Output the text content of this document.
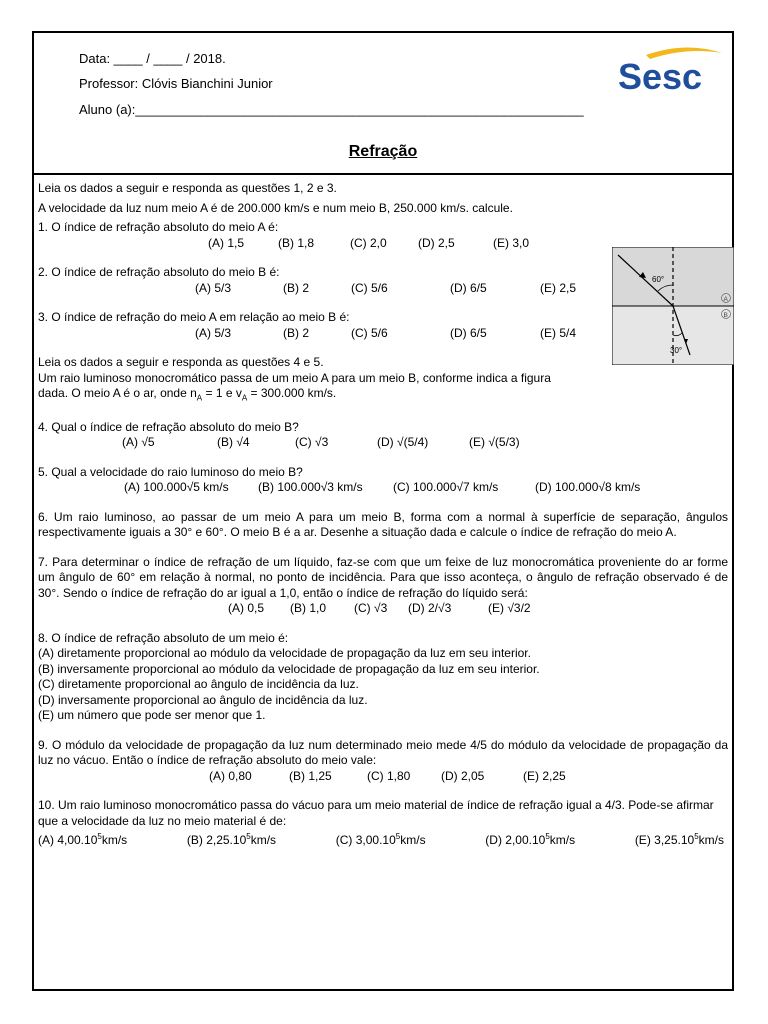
Data: ____ / ____ / 2018.
Professor: Clóvis Bianchini Junior
Aluno (a):______________________________________________________________
Sesc
Refração

Leia os dados a seguir e responda as questões 1, 2 e 3.

A velocidade da luz num meio A é de 200.000 km/s e num meio B, 250.000 km/s. calcule.

1. O índice de refração absoluto do meio A é:

(A) 1,5	(B) 1,8	(C) 2,0	(D) 2,5	(E) 3,0

2. O índice de refração absoluto do meio B é:

(A) 5/3	(B) 2	(C) 5/6	(D) 6/5	(E) 2,5

3. O índice de refração do meio A em relação ao meio B é:

(A) 5/3	(B) 2	(C) 5/6	(D) 6/5	(E) 5/4

Leia os dados a seguir e responda as questões 4 e 5.

Um raio luminoso monocromático passa de um meio A para um meio B, conforme indica a figura

dada. O meio A é o ar, onde $n_A = 1$ e $v_A = 300.000$ km/s.

4. Qual o índice de refração absoluto do meio B?

(A) √5	(B) √4	(C) √3	(D) √(5/4)	(E) √(5/3)

5. Qual a velocidade do raio luminoso do meio B?

(A) 100.000√5 km/s	(B) 100.000√3 km/s	(C) 100.000√7 km/s	(D) 100.000√8 km/s

6. Um raio luminoso, ao passar de um meio A para um meio B, forma com a normal à superfície de separação, ângulos respectivamente iguais a 30° e 60°. O meio B é a ar. Desenhe a situação dada e calcule o índice de refração do meio A.

7. Para determinar o índice de refração de um líquido, faz-se com que um feixe de luz monocromática proveniente do ar forme um ângulo de 60° em relação à normal, no ponto de incidência. Para que isso aconteça, o ângulo de refração observado é de 30°. Sendo o índice de refração do ar igual a 1,0, então o índice de refração do líquido será:

(A) 0,5	(B) 1,0	(C) √3	(D) 2/√3	(E) √3/2

8. O índice de refração absoluto de um meio é:

(A) diretamente proporcional ao módulo da velocidade de propagação da luz em seu interior.

(B) inversamente proporcional ao módulo da velocidade de propagação da luz em seu interior.

(C) diretamente proporcional ao ângulo de incidência da luz.

(D) inversamente proporcional ao ângulo de incidência da luz.

(E) um número que pode ser menor que 1.

9. O módulo da velocidade de propagação da luz num determinado meio mede 4/5 do módulo da velocidade de propagação da luz no vácuo. Então o índice de refração absoluto do meio vale:

(A) 0,80	(B) 1,25	(C) 1,80	(D) 2,05	(E) 2,25

10. Um raio luminoso monocromático passa do vácuo para um meio material de índice de refração igual a 4/3. Pode-se afirmar que a velocidade da luz no meio material é de:

(A) 4,00.10$^5$km/s	(B) 2,25.10$^5$km/s	(C) 3,00.10$^5$km/s	(D) 2,00.10$^5$km/s	(E) 3,25.10$^5$km/s
60°
30°
A
B
